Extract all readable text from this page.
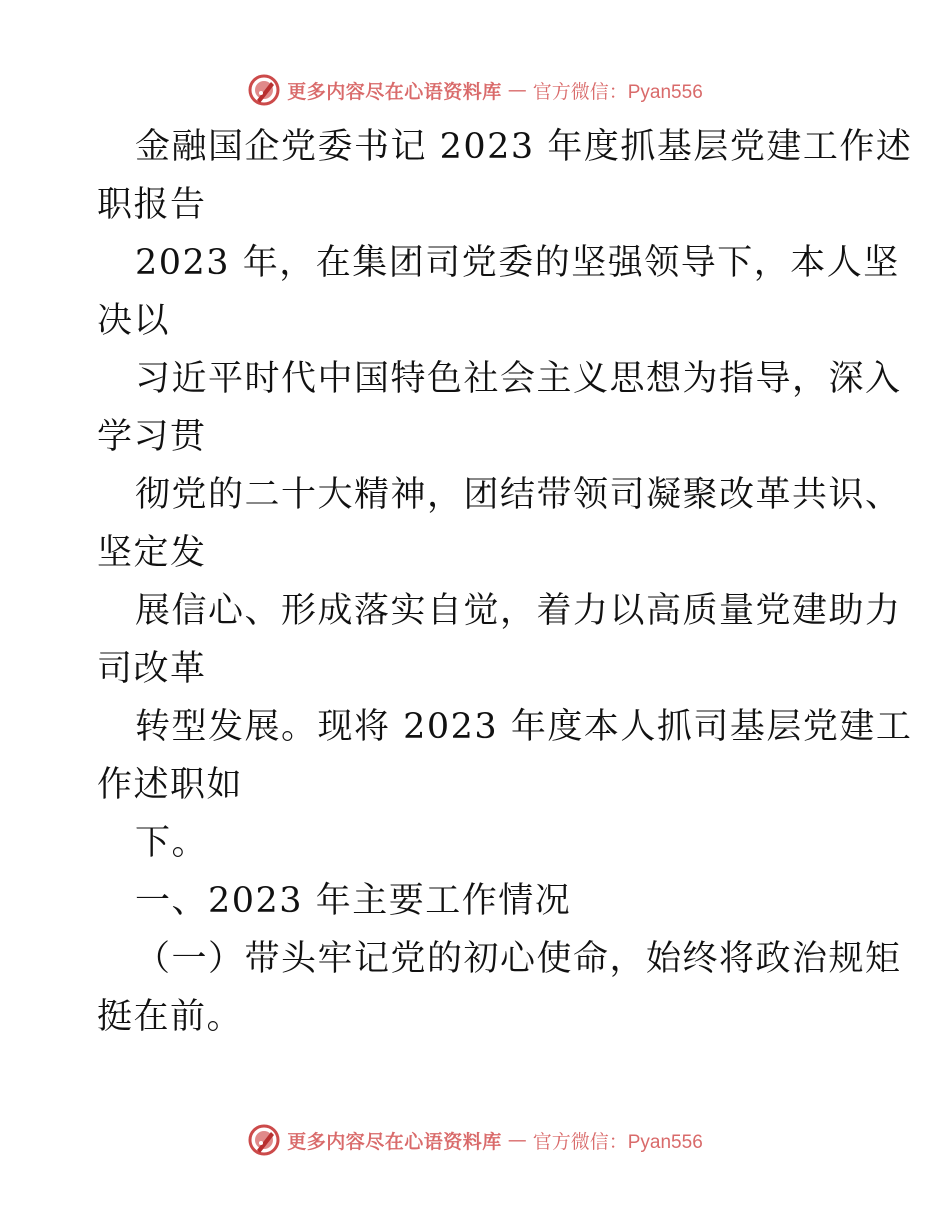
更多内容尽在心语资料库 — 官方微信：Pyan556
金融国企党委书记 2023 年度抓基层党建工作述
职报告
2023 年，在集团司党委的坚强领导下，本人坚
决以
习近平时代中国特色社会主义思想为指导，深入
学习贯
彻党的二十大精神，团结带领司凝聚改革共识、
坚定发
展信心、形成落实自觉，着力以高质量党建助力
司改革
转型发展。现将 2023 年度本人抓司基层党建工
作述职如
下。
一、2023 年主要工作情况
（一）带头牢记党的初心使命，始终将政治规矩
挺在前。
更多内容尽在心语资料库 — 官方微信：Pyan556
